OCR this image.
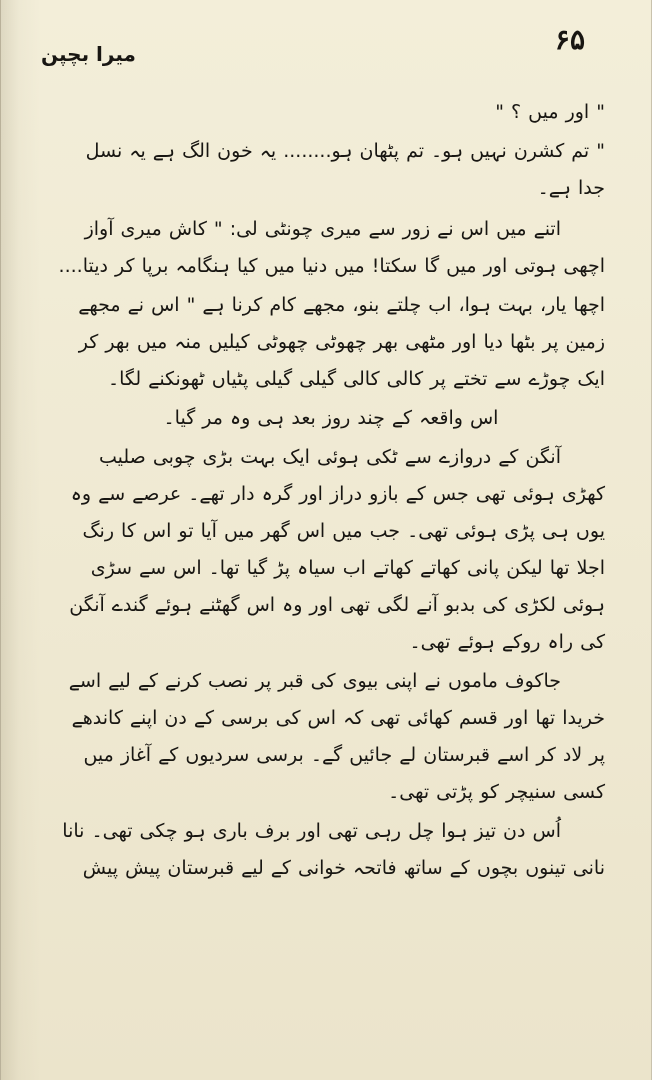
۶۵
میرا بچپن

" اور میں ؟ "

" تم کشرن نہیں ہو۔ تم پٹھان ہو........ یہ خون الگ ہے یہ نسل جدا ہے۔

اتنے میں اس نے زور سے میری چونٹی لی: " کاش میری آواز اچھی ہوتی اور میں گا سکتا! میں دنیا میں کیا ہنگامہ برپا کر دیتا....

اچھا یار، بہت ہوا، اب چلتے بنو، مجھے کام کرنا ہے " اس نے مجھے زمین پر بٹھا دیا اور مٹھی بھر چھوٹی چھوٹی کیلیں منہ میں بھر کر ایک چوڑے سے تختے پر کالی کالی گیلی گیلی پٹیاں ٹھونکنے لگا۔

اس واقعہ کے چند روز بعد ہی وہ مر گیا۔

آنگن کے دروازے سے ٹکی ہوئی ایک بہت بڑی چوبی صلیب کھڑی ہوئی تھی جس کے بازو دراز اور گرہ دار تھے۔ عرصے سے وہ یوں ہی پڑی ہوئی تھی۔ جب میں اس گھر میں آیا تو اس کا رنگ اجلا تھا لیکن پانی کھاتے کھاتے اب سیاہ پڑ گیا تھا۔ اس سے سڑی ہوئی لکڑی کی بدبو آنے لگی تھی اور وہ اس گھٹنے ہوئے گندے آنگن کی راہ روکے ہوئے تھی۔

جاکوف ماموں نے اپنی بیوی کی قبر پر نصب کرنے کے لیے اسے خریدا تھا اور قسم کھائی تھی کہ اس کی برسی کے دن اپنے کاندھے پر لاد کر اسے قبرستان لے جائیں گے۔ برسی سردیوں کے آغاز میں کسی سنیچر کو پڑتی تھی۔

اُس دن تیز ہوا چل رہی تھی اور برف باری ہو چکی تھی۔ نانا نانی تینوں بچوں کے ساتھ فاتحہ خوانی کے لیے قبرستان پیش پیش
